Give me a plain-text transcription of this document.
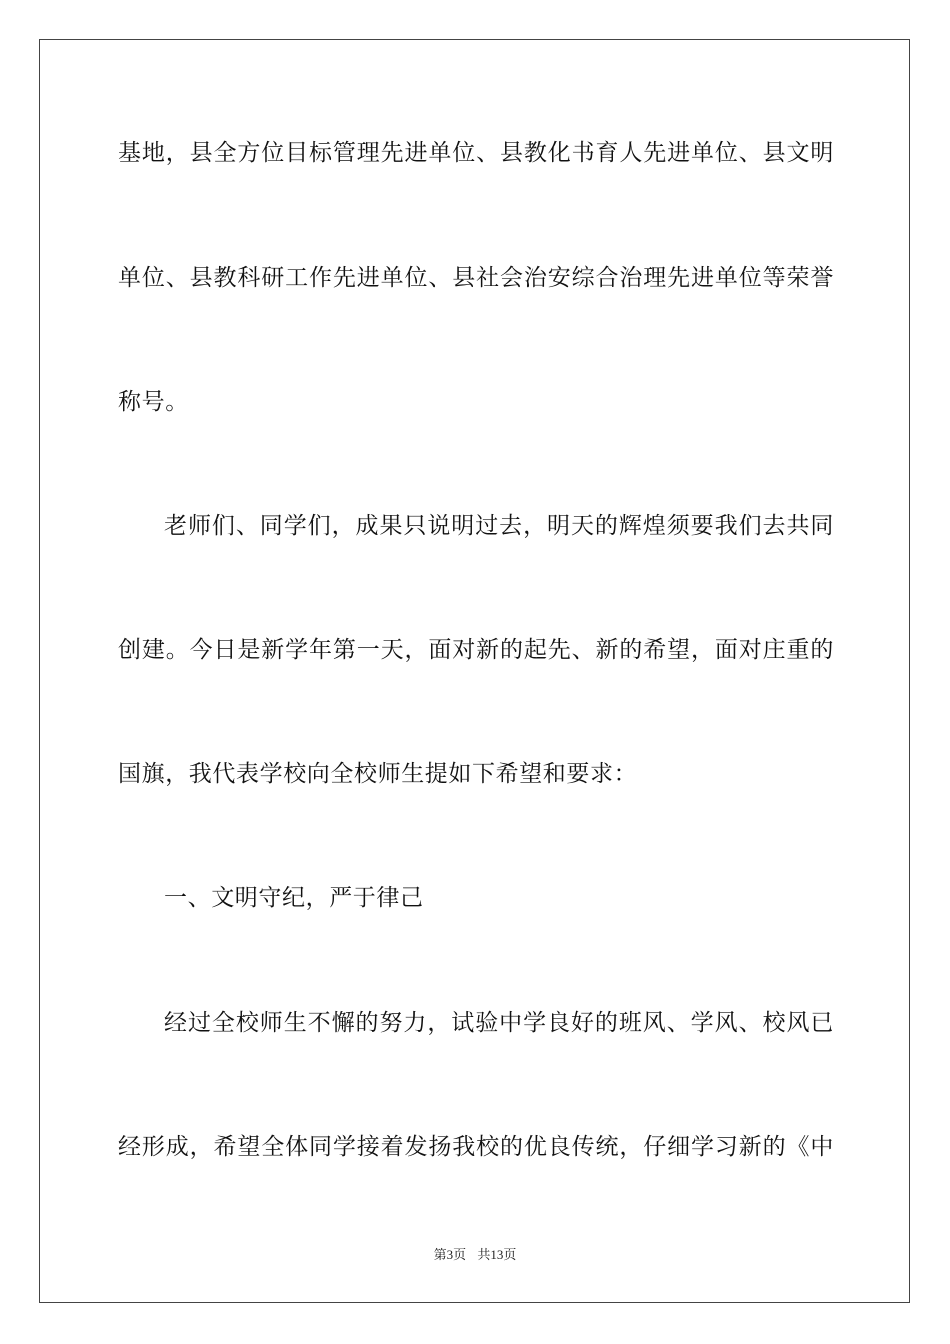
基地，县全方位目标管理先进单位、县教化书育人先进单位、县文明
单位、县教科研工作先进单位、县社会治安综合治理先进单位等荣誉
称号。
老师们、同学们，成果只说明过去，明天的辉煌须要我们去共同
创建。今日是新学年第一天，面对新的起先、新的希望，面对庄重的
国旗，我代表学校向全校师生提如下希望和要求：
一、文明守纪，严于律己
经过全校师生不懈的努力，试验中学良好的班风、学风、校风已
经形成，希望全体同学接着发扬我校的优良传统，仔细学习新的《中
第3页 共13页
